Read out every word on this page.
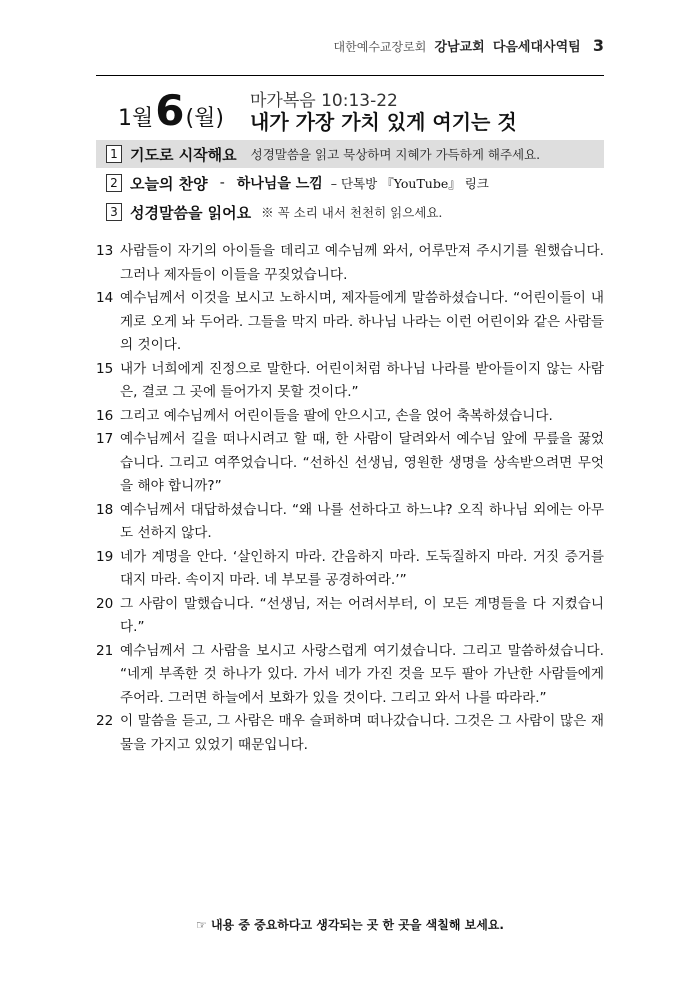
대한예수교장로회 강남교회 다음세대사역팀 3
1월 6 (월)
마가복음 10:13-22
내가 가장 가치 있게 여기는 것
1 기도로 시작해요 성경말씀을 읽고 묵상하며 지혜가 가득하게 해주세요.
2 오늘의 찬양 - 하나님을 느낌 – 단톡방 『YouTube』 링크
3 성경말씀을 읽어요 ※ 꼭 소리 내서 천천히 읽으세요.
13 사람들이 자기의 아이들을 데리고 예수님께 와서, 어루만져 주시기를 원했습니다. 그러나 제자들이 이들을 꾸짖었습니다.
14 예수님께서 이것을 보시고 노하시며, 제자들에게 말씀하셨습니다. “어린이들이 내게로 오게 놔 두어라. 그들을 막지 마라. 하나님 나라는 이런 어린이와 같은 사람들의 것이다.
15 내가 너희에게 진정으로 말한다. 어린이처럼 하나님 나라를 받아들이지 않는 사람은, 결코 그 곳에 들어가지 못할 것이다.”
16 그리고 예수님께서 어린이들을 팔에 안으시고, 손을 얹어 축복하셨습니다.
17 예수님께서 길을 떠나시려고 할 때, 한 사람이 달려와서 예수님 앞에 무릎을 꿇었습니다. 그리고 여쭈었습니다. “선하신 선생님, 영원한 생명을 상속받으려면 무엇을 해야 합니까?”
18 예수님께서 대답하셨습니다. “왜 나를 선하다고 하느냐? 오직 하나님 외에는 아무도 선하지 않다.
19 네가 계명을 안다. ‘살인하지 마라. 간음하지 마라. 도둑질하지 마라. 거짓 증거를 대지 마라. 속이지 마라. 네 부모를 공경하여라.’”
20 그 사람이 말했습니다. “선생님, 저는 어려서부터, 이 모든 계명들을 다 지켰습니다.”
21 예수님께서 그 사람을 보시고 사랑스럽게 여기셨습니다. 그리고 말씀하셨습니다. “네게 부족한 것 하나가 있다. 가서 네가 가진 것을 모두 팔아 가난한 사람들에게 주어라. 그러면 하늘에서 보화가 있을 것이다. 그리고 와서 나를 따라라.”
22 이 말씀을 듣고, 그 사람은 매우 슬퍼하며 떠나갔습니다. 그것은 그 사람이 많은 재물을 가지고 있었기 때문입니다.
☞ 내용 중 중요하다고 생각되는 곳 한 곳을 색칠해 보세요.
